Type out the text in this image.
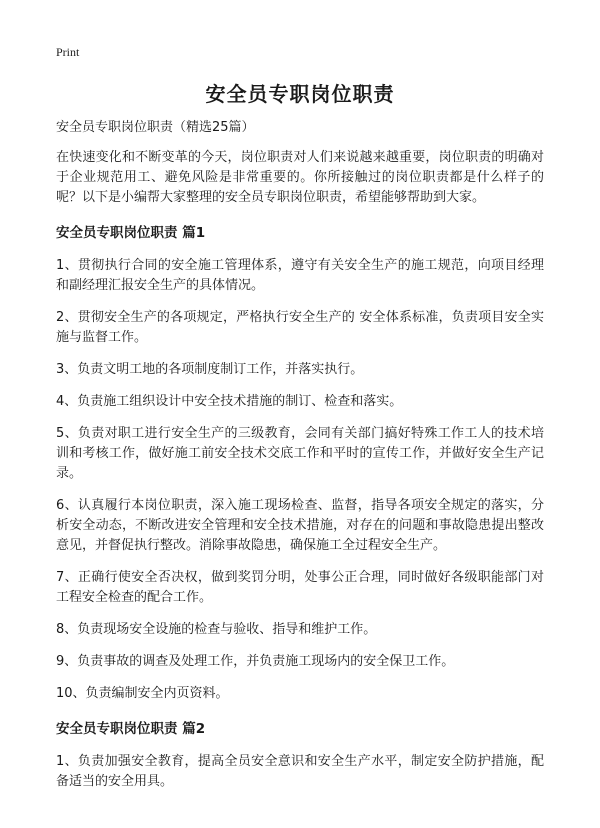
Print
安全员专职岗位职责

安全员专职岗位职责（精选25篇）

在快速变化和不断变革的今天，岗位职责对人们来说越来越重要，岗位职责的明确对于企业规范用工、避免风险是非常重要的。你所接触过的岗位职责都是什么样子的呢？以下是小编帮大家整理的安全员专职岗位职责，希望能够帮助到大家。

安全员专职岗位职责 篇1

1、贯彻执行合同的安全施工管理体系，遵守有关安全生产的施工规范，向项目经理和副经理汇报安全生产的具体情况。

2、贯彻安全生产的各项规定，严格执行安全生产的 安全体系标准，负责项目安全实施与监督工作。

3、负责文明工地的各项制度制订工作，并落实执行。

4、负责施工组织设计中安全技术措施的制订、检查和落实。

5、负责对职工进行安全生产的三级教育，会同有关部门搞好特殊工作工人的技术培训和考核工作，做好施工前安全技术交底工作和平时的宣传工作，并做好安全生产记录。

6、认真履行本岗位职责，深入施工现场检查、监督，指导各项安全规定的落实，分析安全动态，不断改进安全管理和安全技术措施，对存在的问题和事故隐患提出整改意见，并督促执行整改。消除事故隐患，确保施工全过程安全生产。

7、正确行使安全否决权，做到奖罚分明，处事公正合理，同时做好各级职能部门对工程安全检查的配合工作。

8、负责现场安全设施的检查与验收、指导和维护工作。

9、负责事故的调查及处理工作，并负责施工现场内的安全保卫工作。

10、负责编制安全内页资料。

安全员专职岗位职责 篇2

1、负责加强安全教育，提高全员安全意识和安全生产水平，制定安全防护措施，配备适当的安全用具。
